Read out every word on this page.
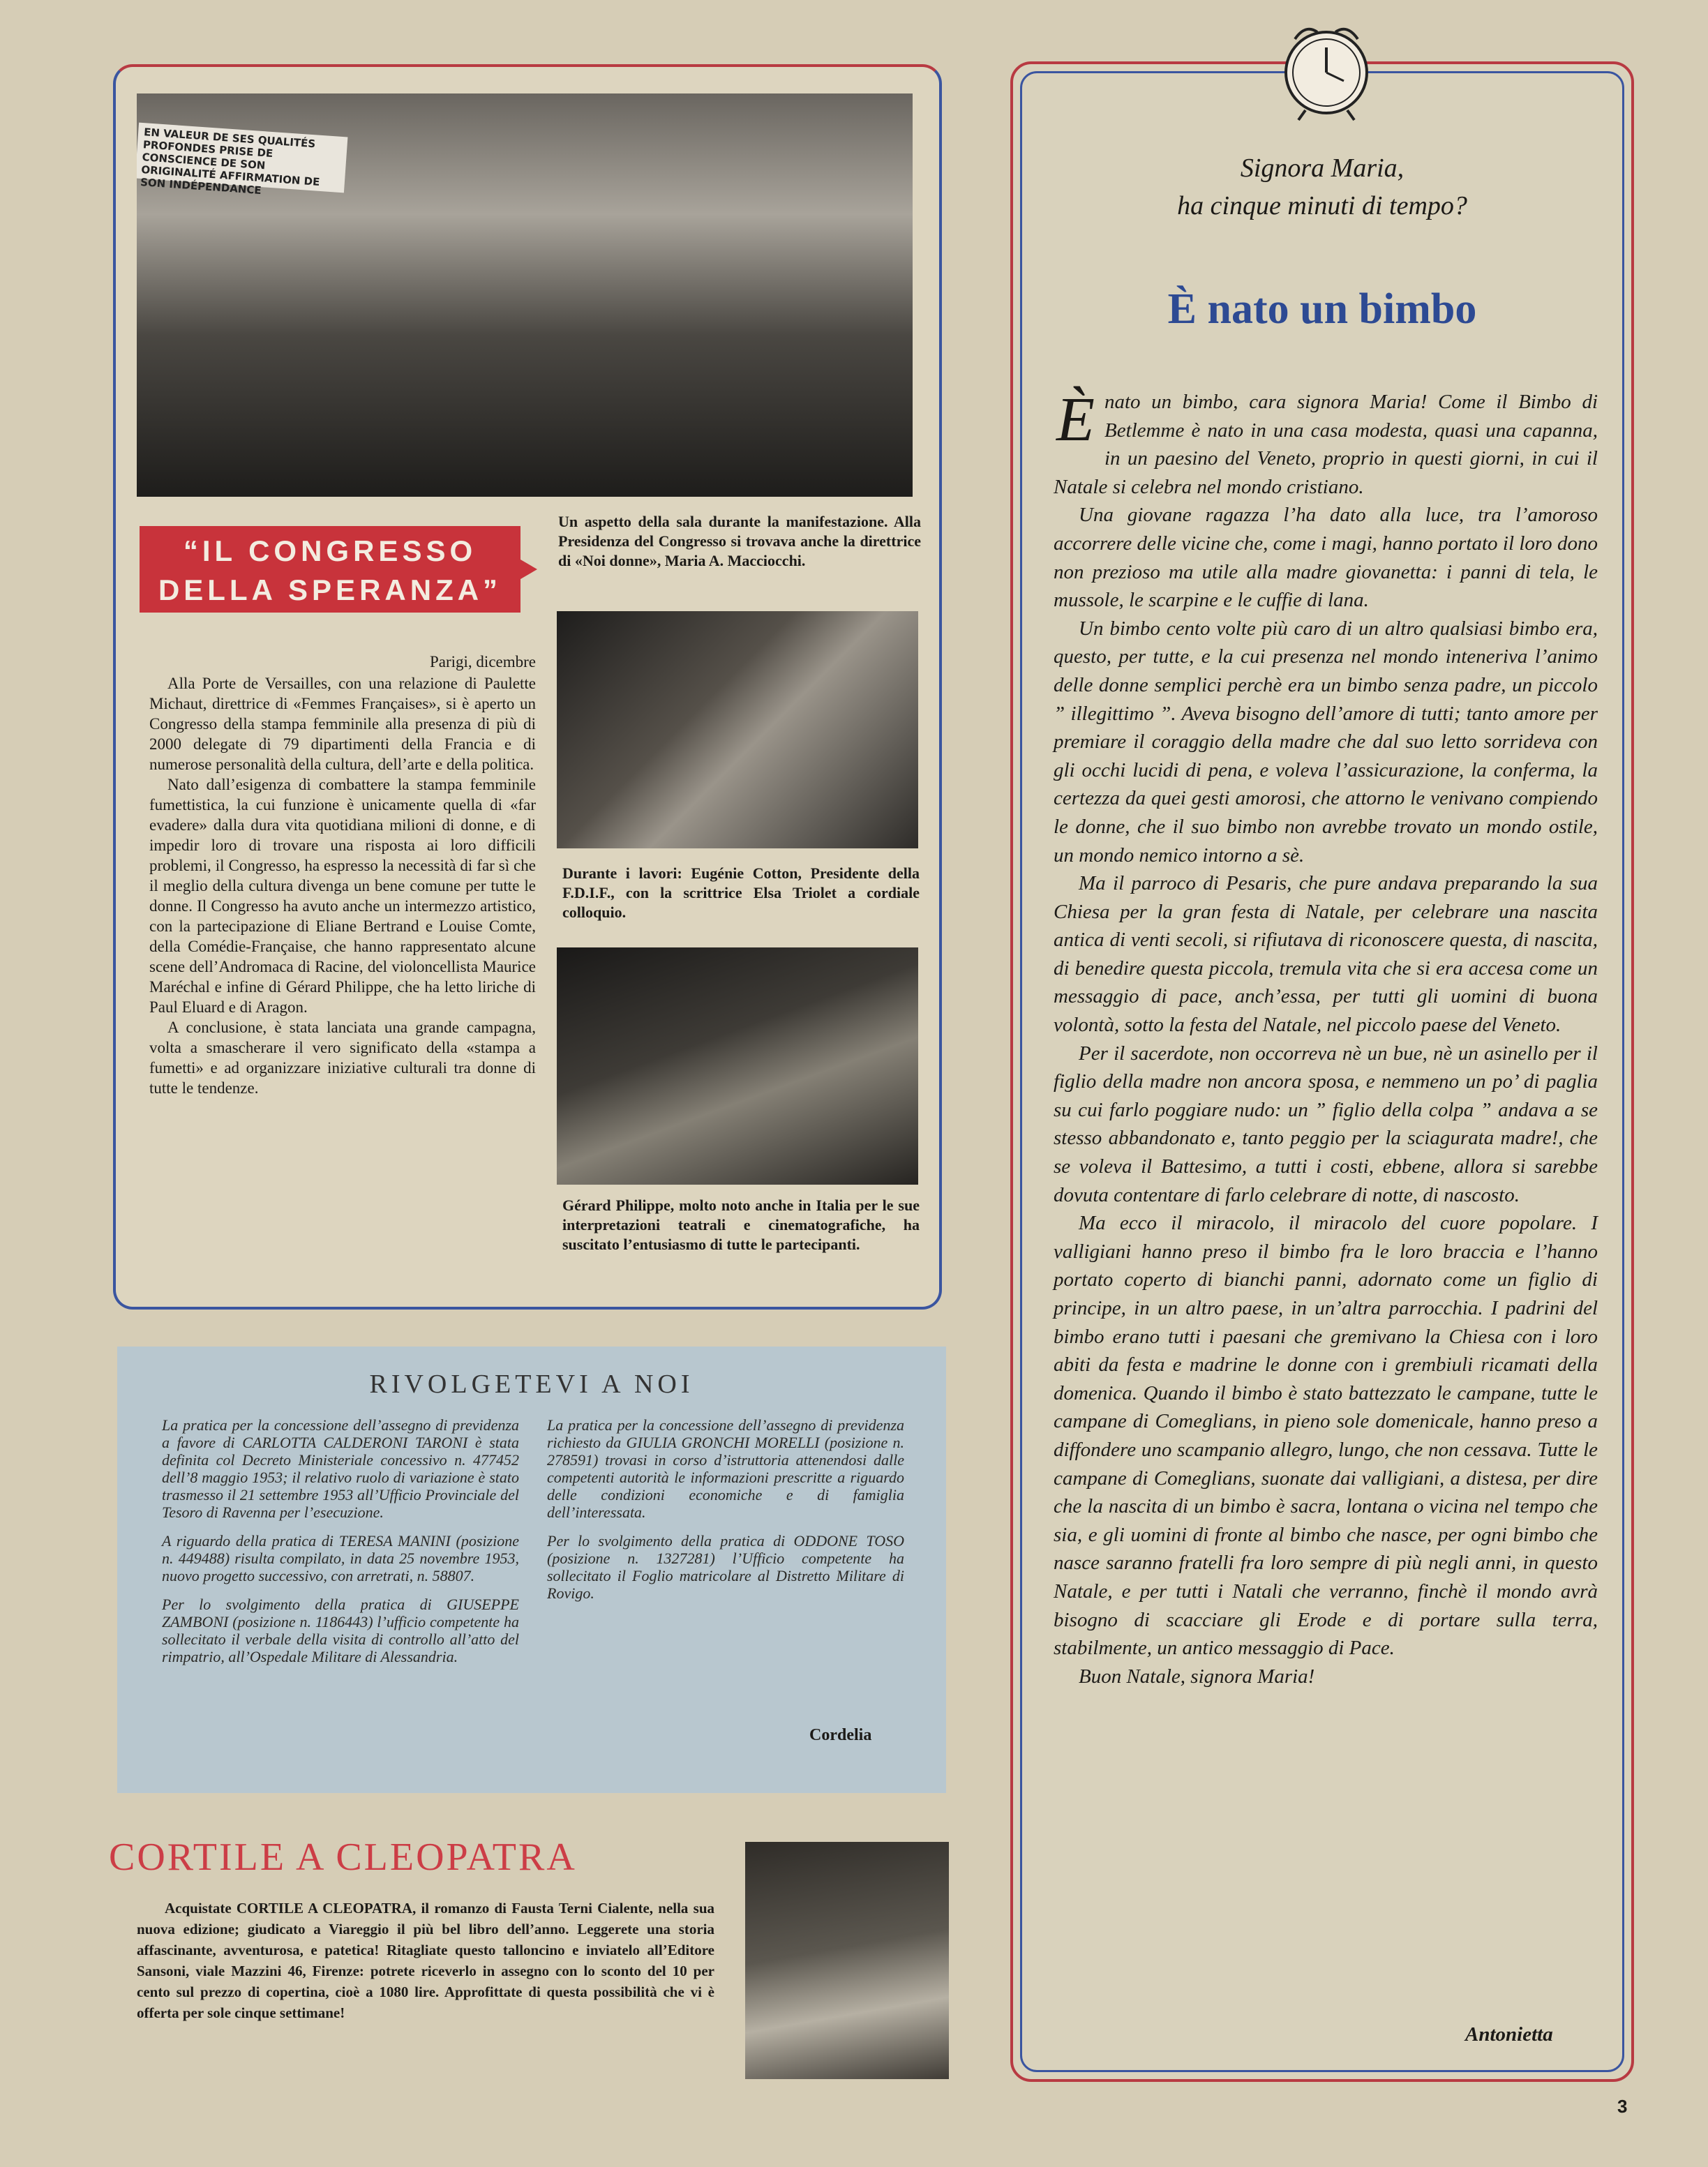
EN VALEUR DE SES QUALITÉS PROFONDES PRISE DE CONSCIENCE DE SON ORIGINALITÉ AFFIRMATION DE SON INDÉPENDANCE
“IL CONGRESSO
DELLA SPERANZA”
Un aspetto della sala durante la manifestazione. Alla Presidenza del Congresso si trovava anche la direttrice di «Noi donne», Maria A. Macciocchi.

Parigi, dicembre

Alla Porte de Versailles, con una relazione di Paulette Michaut, direttrice di «Femmes Françaises», si è aperto un Congresso della stampa femminile alla presenza di più di 2000 delegate di 79 dipartimenti della Francia e di numerose personalità della cultura, dell’arte e della politica.

Nato dall’esigenza di combattere la stampa femminile fumettistica, la cui funzione è unicamente quella di «far evadere» dalla dura vita quotidiana milioni di donne, e di impedir loro di trovare una risposta ai loro difficili problemi, il Congresso, ha espresso la necessità di far sì che il meglio della cultura divenga un bene comune per tutte le donne. Il Congresso ha avuto anche un intermezzo artistico, con la partecipazione di Eliane Bertrand e Louise Comte, della Comédie-Française, che hanno rappresentato alcune scene dell’Andromaca di Racine, del violoncellista Maurice Maréchal e infine di Gérard Philippe, che ha letto liriche di Paul Eluard e di Aragon.

A conclusione, è stata lanciata una grande campagna, volta a smascherare il vero significato della «stampa a fumetti» e ad organizzare iniziative culturali tra donne di tutte le tendenze.

Durante i lavori: Eugénie Cotton, Presidente della F.D.I.F., con la scrittrice Elsa Triolet a cordiale colloquio.
Gérard Philippe, molto noto anche in Italia per le sue interpretazioni teatrali e cinematografiche, ha suscitato l’entusiasmo di tutte le partecipanti.
RIVOLGETEVI A NOI

La pratica per la concessione dell’assegno di previdenza a favore di CARLOTTA CALDERONI TARONI è stata definita col Decreto Ministeriale concessivo n. 477452 dell’8 maggio 1953; il relativo ruolo di variazione è stato trasmesso il 21 settembre 1953 all’Ufficio Provinciale del Tesoro di Ravenna per l’esecuzione.

A riguardo della pratica di TERESA MANINI (posizione n. 449488) risulta compilato, in data 25 novembre 1953, nuovo progetto successivo, con arretrati, n. 58807.

Per lo svolgimento della pratica di GIUSEPPE ZAMBONI (posizione n. 1186443) l’ufficio competente ha sollecitato il verbale della visita di controllo all’atto del rimpatrio, all’Ospedale Militare di Alessandria.

La pratica per la concessione dell’assegno di previdenza richiesto da GIULIA GRONCHI MORELLI (posizione n. 278591) trovasi in corso d’istruttoria attenendosi dalle competenti autorità le informazioni prescritte a riguardo delle condizioni economiche e di famiglia dell’interessata.

Per lo svolgimento della pratica di ODDONE TOSO (posizione n. 1327281) l’Ufficio competente ha sollecitato il Foglio matricolare al Distretto Militare di Rovigo.

Cordelia
CORTILE A CLEOPATRA
Acquistate CORTILE A CLEOPATRA, il romanzo di Fausta Terni Cialente, nella sua nuova edizione; giudicato a Viareggio il più bel libro dell’anno. Leggerete una storia affascinante, avventurosa, e patetica! Ritagliate questo talloncino e inviatelo all’Editore Sansoni, viale Mazzini 46, Firenze: potrete riceverlo in assegno con lo sconto del 10 per cento sul prezzo di copertina, cioè a 1080 lire. Approfittate di questa possibilità che vi è offerta per sole cinque settimane!
Signora Maria,
ha cinque minuti di tempo?
È nato un bimbo

Ènato un bimbo, cara signora Maria! Come il Bimbo di Betlemme è nato in una casa modesta, quasi una capanna, in un paesino del Veneto, proprio in questi giorni, in cui il Natale si celebra nel mondo cristiano.

Una giovane ragazza l’ha dato alla luce, tra l’amoroso accorrere delle vicine che, come i magi, hanno portato il loro dono non prezioso ma utile alla madre giovanetta: i panni di tela, le mussole, le scarpine e le cuffie di lana.

Un bimbo cento volte più caro di un altro qualsiasi bimbo era, questo, per tutte, e la cui presenza nel mondo inteneriva l’animo delle donne semplici perchè era un bimbo senza padre, un piccolo ” illegittimo ”. Aveva bisogno dell’amore di tutti; tanto amore per premiare il coraggio della madre che dal suo letto sorrideva con gli occhi lucidi di pena, e voleva l’assicurazione, la conferma, la certezza da quei gesti amorosi, che attorno le venivano compiendo le donne, che il suo bimbo non avrebbe trovato un mondo ostile, un mondo nemico intorno a sè.

Ma il parroco di Pesaris, che pure andava preparando la sua Chiesa per la gran festa di Natale, per celebrare una nascita antica di venti secoli, si rifiutava di riconoscere questa, di nascita, di benedire questa piccola, tremula vita che si era accesa come un messaggio di pace, anch’essa, per tutti gli uomini di buona volontà, sotto la festa del Natale, nel piccolo paese del Veneto.

Per il sacerdote, non occorreva nè un bue, nè un asinello per il figlio della madre non ancora sposa, e nemmeno un po’ di paglia su cui farlo poggiare nudo: un ” figlio della colpa ” andava a se stesso abbandonato e, tanto peggio per la sciagurata madre!, che se voleva il Battesimo, a tutti i costi, ebbene, allora si sarebbe dovuta contentare di farlo celebrare di notte, di nascosto.

Ma ecco il miracolo, il miracolo del cuore popolare. I valligiani hanno preso il bimbo fra le loro braccia e l’hanno portato coperto di bianchi panni, adornato come un figlio di principe, in un altro paese, in un’altra parrocchia. I padrini del bimbo erano tutti i paesani che gremivano la Chiesa con i loro abiti da festa e madrine le donne con i grembiuli ricamati della domenica. Quando il bimbo è stato battezzato le campane, tutte le campane di Comeglians, in pieno sole domenicale, hanno preso a diffondere uno scampanio allegro, lungo, che non cessava. Tutte le campane di Comeglians, suonate dai valligiani, a distesa, per dire che la nascita di un bimbo è sacra, lontana o vicina nel tempo che sia, e gli uomini di fronte al bimbo che nasce, per ogni bimbo che nasce saranno fratelli fra loro sempre di più negli anni, in questo Natale, e per tutti i Natali che verranno, finchè il mondo avrà bisogno di scacciare gli Erode e di portare sulla terra, stabilmente, un antico messaggio di Pace.

Buon Natale, signora Maria!

Antonietta
3
